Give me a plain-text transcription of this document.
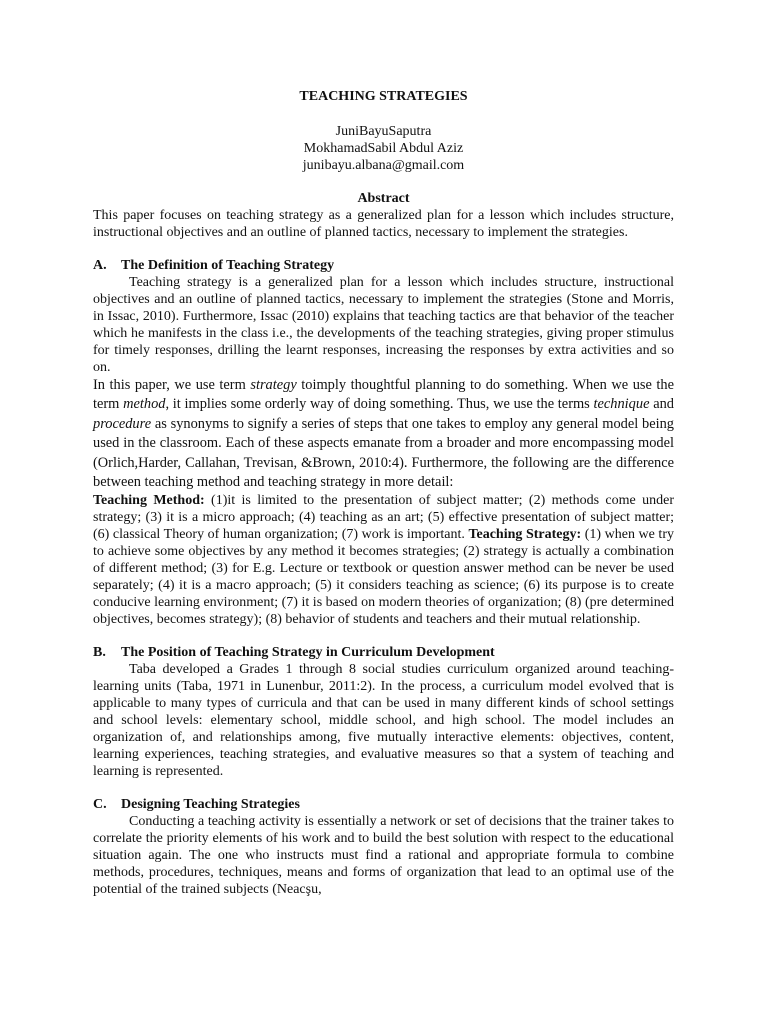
TEACHING STRATEGIES

JuniBayuSaputra

MokhamadSabil Abdul Aziz

junibayu.albana@gmail.com

Abstract

This paper focuses on teaching strategy as a generalized plan for a lesson which includes structure, instructional objectives and an outline of planned tactics, necessary to implement the strategies.

A.	The Definition of Teaching Strategy

Teaching strategy is a generalized plan for a lesson which includes structure, instructional objectives and an outline of planned tactics, necessary to implement the strategies (Stone and Morris, in Issac, 2010). Furthermore, Issac (2010) explains that teaching tactics are that behavior of the teacher which he manifests in the class i.e., the developments of the teaching strategies, giving proper stimulus for timely responses, drilling the learnt responses, increasing the responses by extra activities and so on.

In this paper, we use term strategy toimply thoughtful planning to do something. When we use the term method, it implies some orderly way of doing something. Thus, we use the terms technique and procedure as synonyms to signify a series of steps that one takes to employ any general model being used in the classroom. Each of these aspects emanate from a broader and more encompassing model (Orlich,Harder, Callahan, Trevisan, &Brown, 2010:4). Furthermore, the following are the difference between teaching method and teaching strategy in more detail:

Teaching Method: (1)it is limited to the presentation of subject matter; (2) methods come under strategy; (3) it is a micro approach; (4) teaching as an art; (5) effective presentation of subject matter; (6) classical Theory of human organization; (7) work is important. Teaching Strategy: (1) when we try to achieve some objectives by any method it becomes strategies; (2) strategy is actually a combination of different method; (3) for E.g. Lecture or textbook or question answer method can be never be used separately; (4) it is a macro approach; (5) it considers teaching as science; (6) its purpose is to create conducive learning environment; (7) it is based on modern theories of organization; (8) (pre determined objectives, becomes strategy); (8) behavior of students and teachers and their mutual relationship.

B.	The Position of Teaching Strategy in Curriculum Development

Taba developed a Grades 1 through 8 social studies curriculum organized around teaching-learning units (Taba, 1971 in Lunenbur, 2011:2). In the process, a curriculum model evolved that is applicable to many types of curricula and that can be used in many different kinds of school settings and school levels: elementary school, middle school, and high school. The model includes an organization of, and relationships among, five mutually interactive elements: objectives, content, learning experiences, teaching strategies, and evaluative measures so that a system of teaching and learning is represented.

C.	Designing Teaching Strategies

Conducting a teaching activity is essentially a network or set of decisions that the trainer takes to correlate the priority elements of his work and to build the best solution with respect to the educational situation again. The one who instructs must find a rational and appropriate formula to combine methods, procedures, techniques, means and forms of organization that lead to an optimal use of the potential of the trained subjects (Neacşu,
